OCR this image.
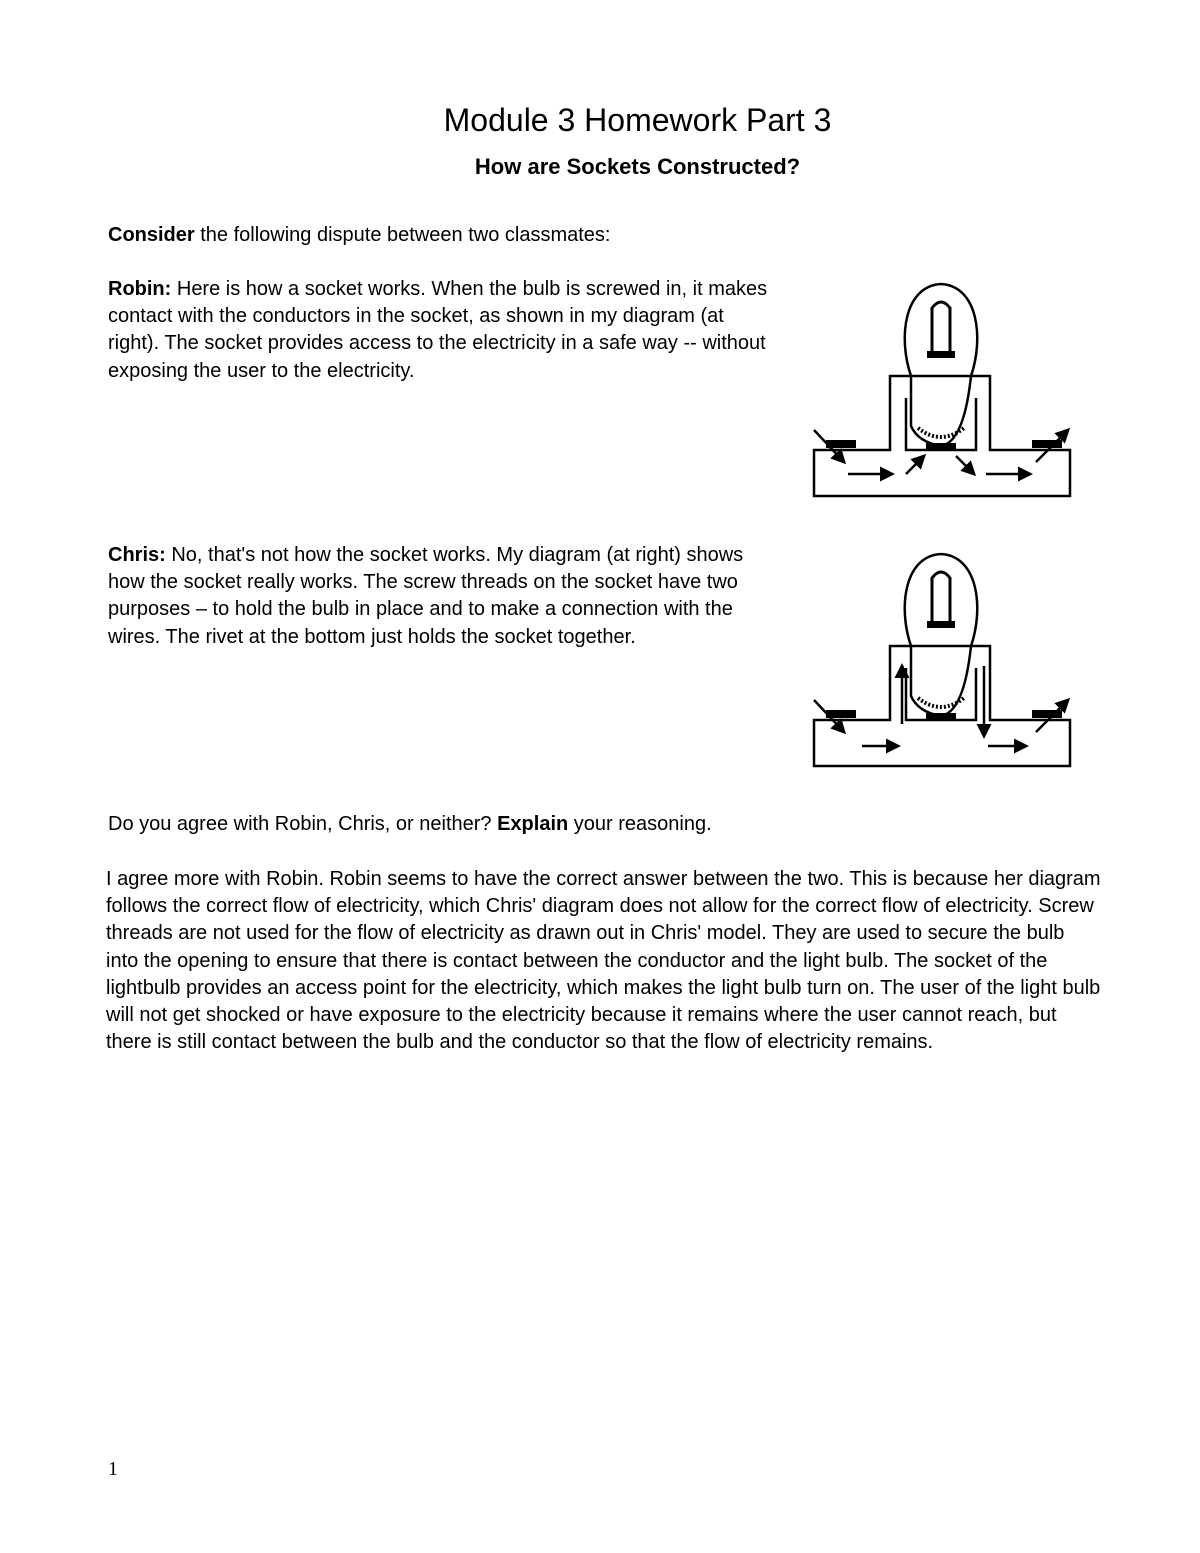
Module 3 Homework Part 3
How are Sockets Constructed?

Consider the following dispute between two classmates:

Robin: Here is how a socket works. When the bulb is screwed in, it makes contact with the conductors in the socket, as shown in my diagram (at right). The socket provides access to the electricity in a safe way -- without exposing the user to the electricity.

Chris: No, that's not how the socket works. My diagram (at right) shows how the socket really works. The screw threads on the socket have two purposes – to hold the bulb in place and to make a connection with the wires. The rivet at the bottom just holds the socket together.

Do you agree with Robin, Chris, or neither? Explain your reasoning.

I agree more with Robin. Robin seems to have the correct answer between the two. This is because her diagram follows the correct flow of electricity, which Chris' diagram does not allow for the correct flow of electricity. Screw threads are not used for the flow of electricity as drawn out in Chris' model. They are used to secure the bulb into the opening to ensure that there is contact between the conductor and the light bulb. The socket of the lightbulb provides an access point for the electricity, which makes the light bulb turn on. The user of the light bulb will not get shocked or have exposure to the electricity because it remains where the user cannot reach, but there is still contact between the bulb and the conductor so that the flow of electricity remains.

1
